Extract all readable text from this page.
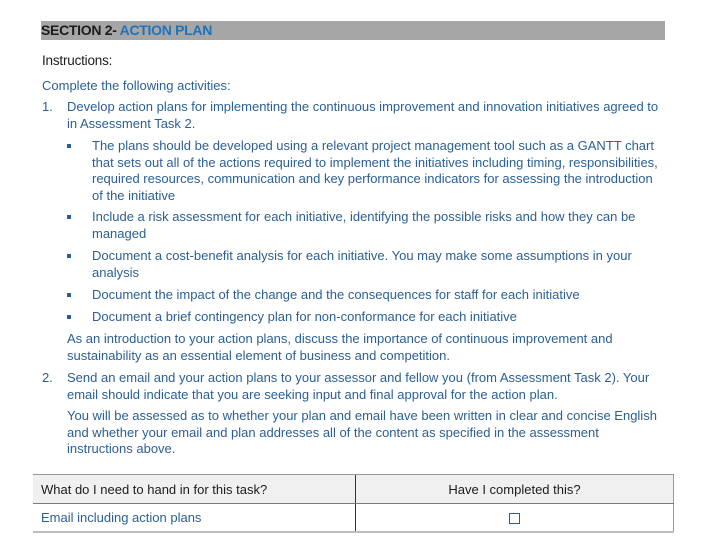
SECTION 2- ACTION PLAN
Instructions:
Complete the following activities:
1.	Develop action plans for implementing the continuous improvement and innovation initiatives agreed to in Assessment Task 2.
The plans should be developed using a relevant project management tool such as a GANTT chart that sets out all of the actions required to implement the initiatives including timing, responsibilities, required resources, communication and key performance indicators for assessing the introduction of the initiative
Include a risk assessment for each initiative, identifying the possible risks and how they can be managed
Document a cost-benefit analysis for each initiative. You may make some assumptions in your analysis
Document the impact of the change and the consequences for staff for each initiative
Document a brief contingency plan for non-conformance for each initiative
As an introduction to your action plans, discuss the importance of continuous improvement and sustainability as an essential element of business and competition.
2.	Send an email and your action plans to your assessor and fellow you (from Assessment Task 2). Your email should indicate that you are seeking input and final approval for the action plan.
You will be assessed as to whether your plan and email have been written in clear and concise English and whether your email and plan addresses all of the content as specified in the assessment instructions above.
What do I need to hand in for this task?	Have I completed this?
Email including action plans	
